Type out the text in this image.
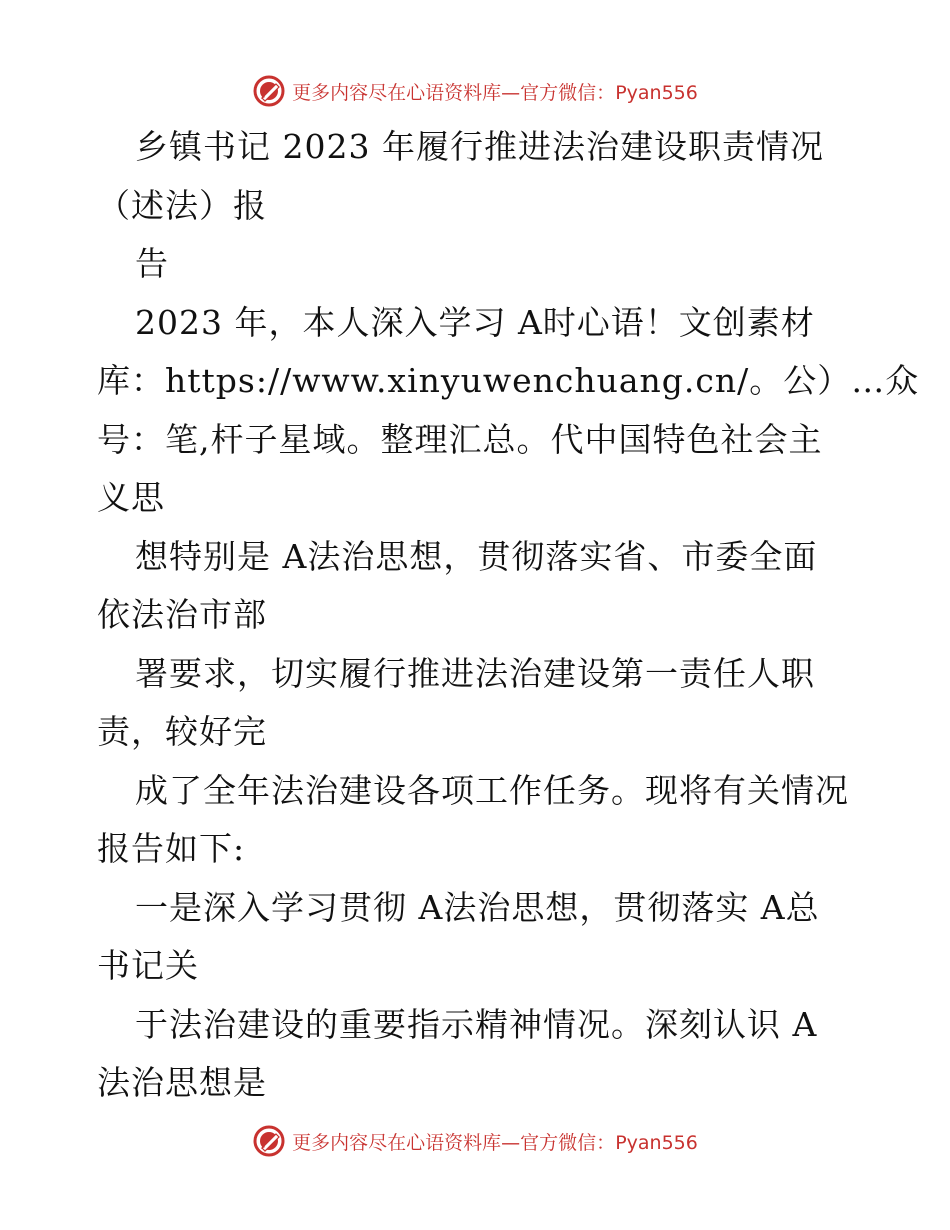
更多内容尽在心语资料库—官方微信：Pyan556
乡镇书记 2023 年履行推进法治建设职责情况
（述法）报
告
2023 年，本人深入学习 A时心语！文创素材
库：https://www.xinyuwenchuang.cn/。公）…众
号：笔,杆子星域。整理汇总。代中国特色社会主
义思
想特别是 A法治思想，贯彻落实省、市委全面
依法治市部
署要求，切实履行推进法治建设第一责任人职
责，较好完
成了全年法治建设各项工作任务。现将有关情况
报告如下:
一是深入学习贯彻 A法治思想，贯彻落实 A总
书记关
于法治建设的重要指示精神情况。深刻认识 A
法治思想是
更多内容尽在心语资料库—官方微信：Pyan556
